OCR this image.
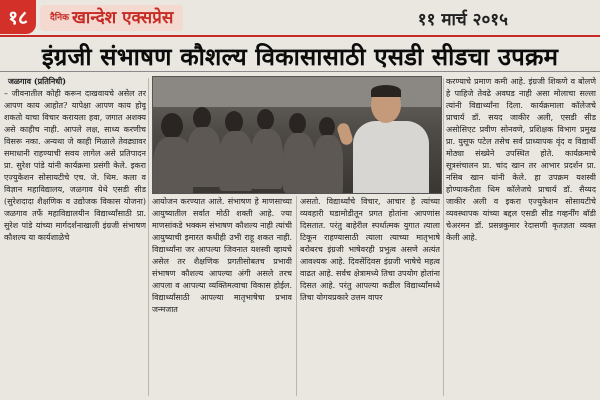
१८	$^{दैनिक}$ खान्देश एक्सप्रेस	११ मार्च २०१५
इंग्रजी संभाषण कौशल्य विकासासाठी एसडी सीडचा उपक्रम
जळगाव (प्रतिनिधी)

– जीवनातील कोही करून दाखवायचे असेल तर आपण काय आहोत? यापेक्षा आपण काय होवू शकतो याचा विचार करायला हवा, जगात अशक्य असे काहीच नाही. आपले लक्ष, साध्य करणीच विसरू नका. अन्यथा जे काही मिळाले तेवढ्यावर समाधानी राहण्याची सवय लागेल असे प्रतिपादन प्रा. सुरेश पांडे यांनी कार्यक्रमा प्रसंगी केले. इकरा एज्युकेशन सोसायटीचे एच. जे. थिम. कला व विज्ञान महाविद्यालय, जळगाव येथे एसडी सीड (सुरेशदादा शैक्षणिक व उद्योजक विकास योजना) जळगाव तर्फे महाविद्यालयीन विद्यार्थ्यांसाठी प्रा. सुरेश पांडे यांच्या मार्गदर्शनाखाली इंग्रजी संभाषण कौशल्य या कार्यशाळेचे

आयोजन करण्यात आले. संभाषण हे माणसाच्या आयुष्यातील सर्वात मोठी शक्ती आहे. ज्या माणसांकडे भक्कम संभाषण कौशल्य नाही त्यांची आयुष्याची इमारत कधीही उभी राहू शकत नाही. विद्यार्थ्यांना जर आपल्या जिवनात यशस्वी व्हायचे असेल तर शैक्षणिक प्रगतीसोबतच प्रभावी संभाषण कौशल्य आपल्या अंगी असले तरच आपला व आपल्या व्यक्तिमत्वाचा विकास होईल. विद्यार्थ्यांसाठी आपल्या मातृभाषेचा प्रभाव जन्मजात

असतो. विद्यार्थ्यांचे विचार, आचार हे त्यांच्या व्यवहारी घडामोडीतून प्रगत होतांना आपणांस दिसतात. परंतु बाहेरील स्पर्धात्मक युगात त्याला टिकून राहण्यासाठी त्याला त्याच्या मातृभाषे बरोबरच इंग्रजी भाषेवरही प्रभुत्व असणे अत्यंत आवश्यक आहे. दिवसेंदिवस इंग्रजी भाषेचे महत्व वाढत आहे. सर्वच क्षेत्रामध्ये तिचा उपयोग होतांना दिसत आहे. परंतु आपल्या कडील विद्यार्थ्यांमध्ये तिचा योगयप्रकारे उत्तम वापर

करण्याचे प्रमाण कमी आहे. इंग्रजी शिकणे व बोलणे हे पाहिजे तेवढे अवघड नाही असा मोलाचा सल्ला त्यांनी विद्यार्थ्यांना दिला. कार्यक्रमाला कॉलेजचे प्राचार्य डॉ. सयद जाकीर अली, एसडी सीड असोसिएट प्रवीण सोनवणे, प्रशिक्षक विभाग प्रमुख प्रा. युसूफ पटेल तसेच सर्व प्राध्यापक वृंद व विद्यार्थी मोठ्या संख्येने उपस्थित होते. कार्यक्रमाचे सूत्रसंचालन प्रा. चांद खान तर आभार प्रदर्शन प्रा. नसिब खान यांनी केले. हा उपक्रम यशस्वी होण्याकरीता थिम कॉलेजचे प्राचार्य डॉ. सैय्यद जाकीर अली व इकरा एज्युकेशन सोसायटीचे व्यवस्थापक यांच्या बद्दल एसडी सीड गव्हर्नींग बॉडी चेअरमन डॉ. प्रसन्नकुमार रेदासणी कृतज्ञता व्यक्त केली आहे.
